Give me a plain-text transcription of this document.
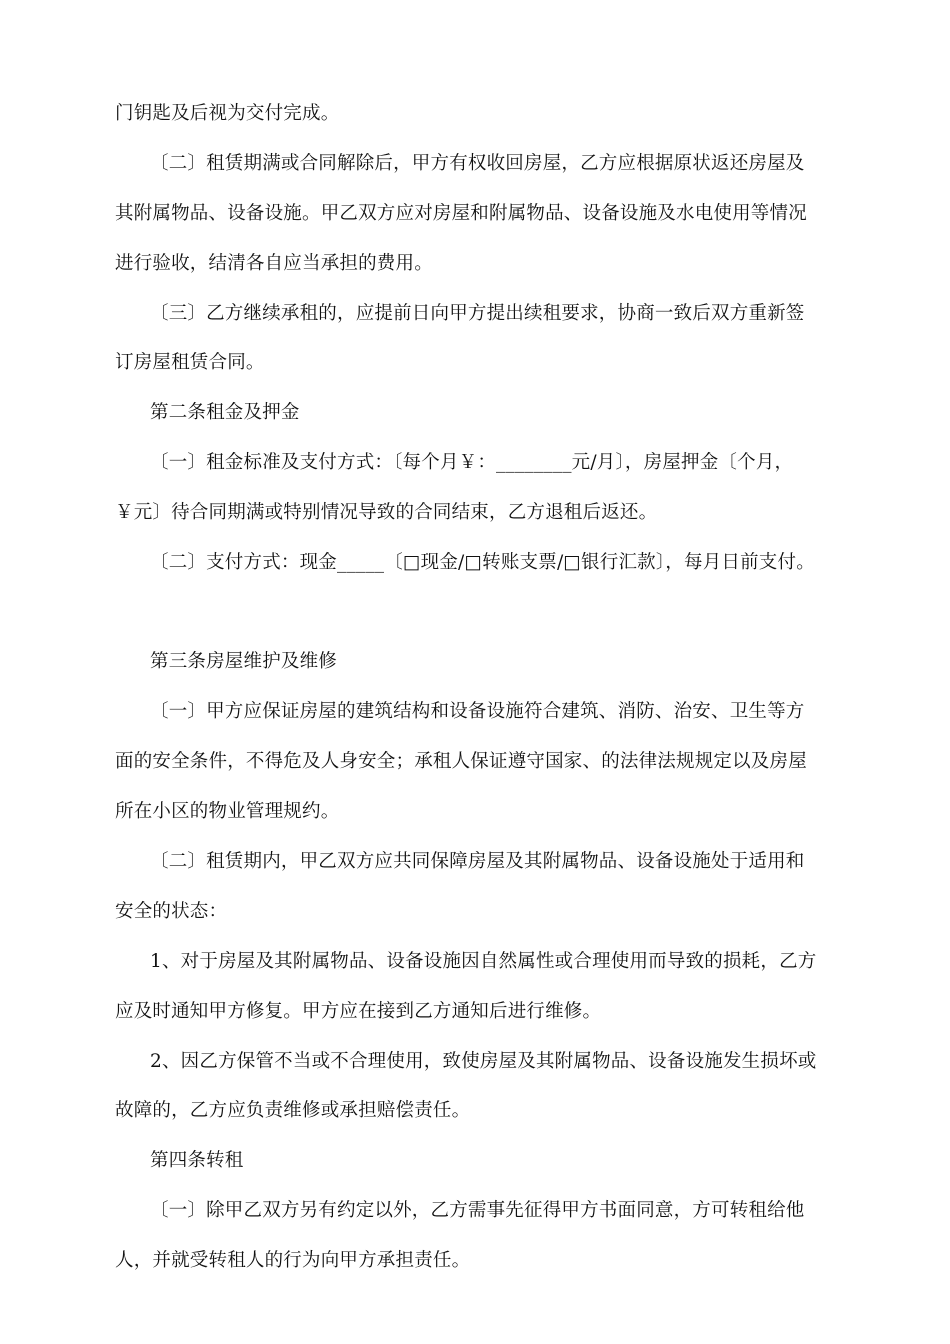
门钥匙及后视为交付完成。
〔二〕租赁期满或合同解除后，甲方有权收回房屋，乙方应根据原状返还房屋及
其附属物品、设备设施。甲乙双方应对房屋和附属物品、设备设施及水电使用等情况
进行验收，结清各自应当承担的费用。
〔三〕乙方继续承租的，应提前日向甲方提出续租要求，协商一致后双方重新签
订房屋租赁合同。
第二条租金及押金
〔一〕租金标准及支付方式：〔每个月￥：________元/月〕，房屋押金〔个月，
￥元〕待合同期满或特别情况导致的合同结束，乙方退租后返还。
〔二〕支付方式：现金_____〔□现金/□转账支票/□银行汇款〕，每月日前支付。
第三条房屋维护及维修
〔一〕甲方应保证房屋的建筑结构和设备设施符合建筑、消防、治安、卫生等方
面的安全条件，不得危及人身安全；承租人保证遵守国家、的法律法规规定以及房屋
所在小区的物业管理规约。
〔二〕租赁期内，甲乙双方应共同保障房屋及其附属物品、设备设施处于适用和
安全的状态：
1、对于房屋及其附属物品、设备设施因自然属性或合理使用而导致的损耗，乙方
应及时通知甲方修复。甲方应在接到乙方通知后进行维修。
2、因乙方保管不当或不合理使用，致使房屋及其附属物品、设备设施发生损坏或
故障的，乙方应负责维修或承担赔偿责任。
第四条转租
〔一〕除甲乙双方另有约定以外，乙方需事先征得甲方书面同意，方可转租给他
人，并就受转租人的行为向甲方承担责任。
